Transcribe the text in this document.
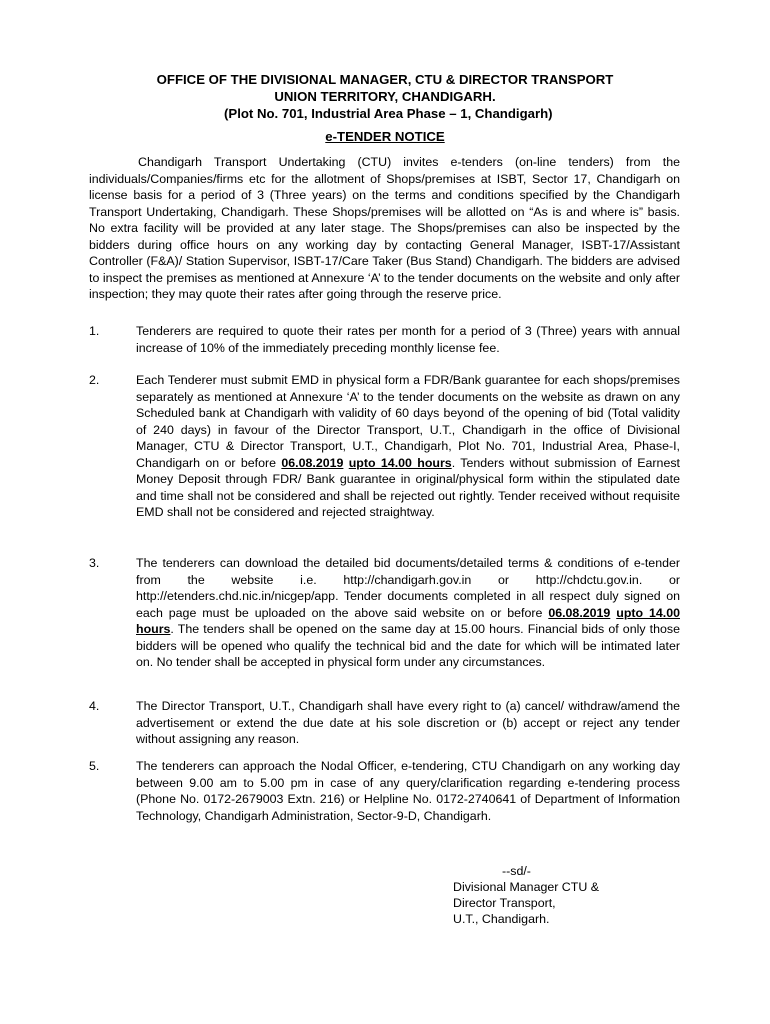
OFFICE OF THE DIVISIONAL MANAGER, CTU & DIRECTOR TRANSPORT
UNION TERRITORY, CHANDIGARH.
(Plot No. 701, Industrial Area Phase – 1, Chandigarh)
e-TENDER NOTICE

Chandigarh Transport Undertaking (CTU) invites e-tenders (on-line tenders) from the individuals/Companies/firms etc for the allotment of Shops/premises at ISBT, Sector 17, Chandigarh on license basis for a period of 3 (Three years) on the terms and conditions specified by the Chandigarh Transport Undertaking, Chandigarh. These Shops/premises will be allotted on “As is and where is” basis. No extra facility will be provided at any later stage. The Shops/premises can also be inspected by the bidders during office hours on any working day by contacting General Manager, ISBT-17/Assistant Controller (F&A)/ Station Supervisor, ISBT-17/Care Taker (Bus Stand) Chandigarh. The bidders are advised to inspect the premises as mentioned at Annexure ‘A’ to the tender documents on the website and only after inspection; they may quote their rates after going through the reserve price.

1.	Tenderers are required to quote their rates per month for a period of 3 (Three) years with annual increase of 10% of the immediately preceding monthly license fee.

2.	Each Tenderer must submit EMD in physical form a FDR/Bank guarantee for each shops/premises separately as mentioned at Annexure ‘A’ to the tender documents on the website as drawn on any Scheduled bank at Chandigarh with validity of 60 days beyond of the opening of bid (Total validity of 240 days) in favour of the Director Transport, U.T., Chandigarh in the office of Divisional Manager, CTU & Director Transport, U.T., Chandigarh, Plot No. 701, Industrial Area, Phase-I, Chandigarh on or before 06.08.2019 upto 14.00 hours. Tenders without submission of Earnest Money Deposit through FDR/ Bank guarantee in original/physical form within the stipulated date and time shall not be considered and shall be rejected out rightly. Tender received without requisite EMD shall not be considered and rejected straightway.

3.	The tenderers can download the detailed bid documents/detailed terms & conditions of e-tender from the website i.e. http://chandigarh.gov.in or http://chdctu.gov.in. or http://etenders.chd.nic.in/nicgep/app. Tender documents completed in all respect duly signed on each page must be uploaded on the above said website on or before 06.08.2019 upto 14.00 hours. The tenders shall be opened on the same day at 15.00 hours. Financial bids of only those bidders will be opened who qualify the technical bid and the date for which will be intimated later on. No tender shall be accepted in physical form under any circumstances.

4.	The Director Transport, U.T., Chandigarh shall have every right to (a) cancel/ withdraw/amend the advertisement or extend the due date at his sole discretion or (b) accept or reject any tender without assigning any reason.

5.	The tenderers can approach the Nodal Officer, e-tendering, CTU Chandigarh on any working day between 9.00 am to 5.00 pm in case of any query/clarification regarding e-tendering process (Phone No. 0172-2679003 Extn. 216) or Helpline No. 0172-2740641 of Department of Information Technology, Chandigarh Administration, Sector-9-D, Chandigarh.

--sd/-
Divisional Manager CTU &
Director Transport,
U.T., Chandigarh.
